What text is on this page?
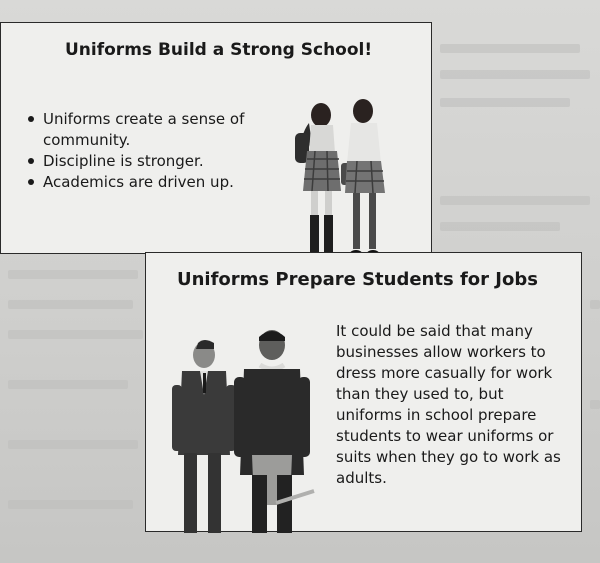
Uniforms Build a Strong School!
Uniforms create a sense of community.
Discipline is stronger.
Academics are driven up.
Uniforms Prepare Students for Jobs

It could be said that many businesses allow workers to dress more casually for work than they used to, but uniforms in school prepare students to wear uniforms or suits when they go to work as adults.
